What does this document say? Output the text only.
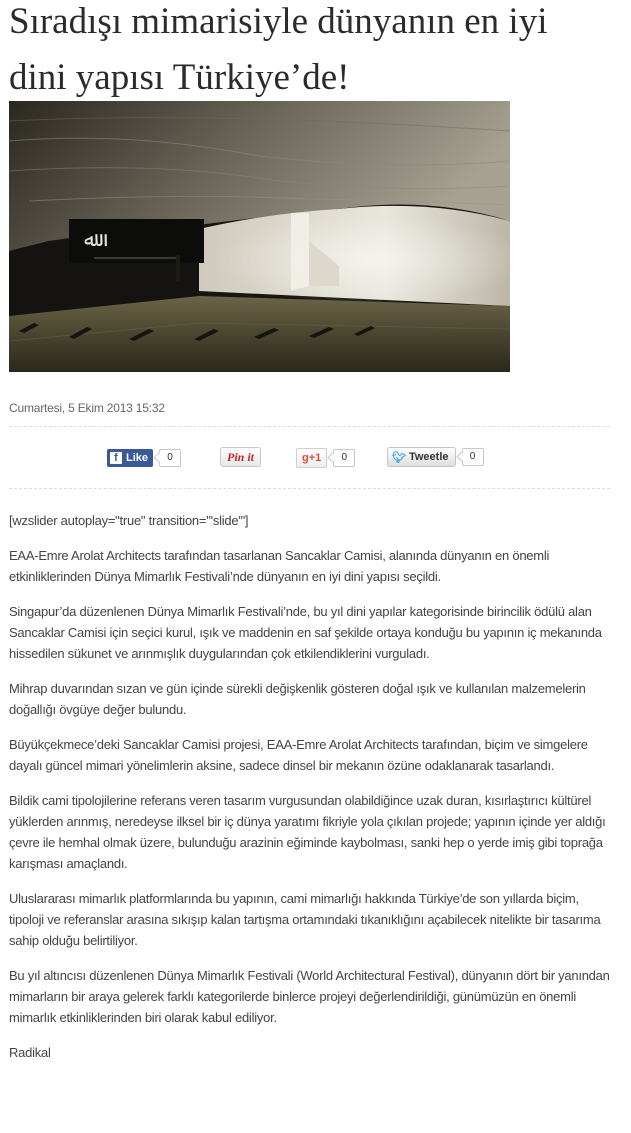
Sıradışı mimarisiyle dünyanın en iyi dini yapısı Türkiye’de!
ﷲ
Cumartesi, 5 Ekim 2013 15:32
f Like	0	Pin it	g+1	0	🐦︎ Tweetle	0

[wzslider autoplay="true" transition="'slide'"]

EAA-Emre Arolat Architects tarafından tasarlanan Sancaklar Camisi, alanında dünyanın en önemli etkinliklerinden Dünya Mimarlık Festivali’nde dünyanın en iyi dini yapısı seçildi.

Singapur’da düzenlenen Dünya Mimarlık Festivali’nde, bu yıl dini yapılar kategorisinde birincilik ödülü alan Sancaklar Camisi için seçici kurul, ışık ve maddenin en saf şekilde ortaya konduğu bu yapının iç mekanında hissedilen sükunet ve arınmışlık duygularından çok etkilendiklerini vurguladı.

Mihrap duvarından sızan ve gün içinde sürekli değişkenlik gösteren doğal ışık ve kullanılan malzemelerin doğallığı övgüye değer bulundu.

Büyükçekmece’deki Sancaklar Camisi projesi, EAA-Emre Arolat Architects tarafından, biçim ve simgelere dayalı güncel mimari yönelimlerin aksine, sadece dinsel bir mekanın özüne odaklanarak tasarlandı.

Bildik cami tipolojilerine referans veren tasarım vurgusundan olabildiğince uzak duran, kısırlaştırıcı kültürel yüklerden arınmış, neredeyse ilksel bir iç dünya yaratımı fikriyle yola çıkılan projede; yapının içinde yer aldığı çevre ile hemhal olmak üzere, bulunduğu arazinin eğiminde kaybolması, sanki hep o yerde imiş gibi toprağa karışması amaçlandı.

Uluslararası mimarlık platformlarında bu yapının, cami mimarlığı hakkında Türkiye’de son yıllarda biçim, tipoloji ve referanslar arasına sıkışıp kalan tartışma ortamındaki tıkanıklığını açabilecek nitelikte bir tasarıma sahip olduğu belirtiliyor.

Bu yıl altıncısı düzenlenen Dünya Mimarlık Festivali (World Architectural Festival), dünyanın dört bir yanından mimarların bir araya gelerek farklı kategorilerde binlerce projeyi değerlendirildiği, günümüzün en önemli mimarlık etkinliklerinden biri olarak kabul ediliyor.

Radikal
